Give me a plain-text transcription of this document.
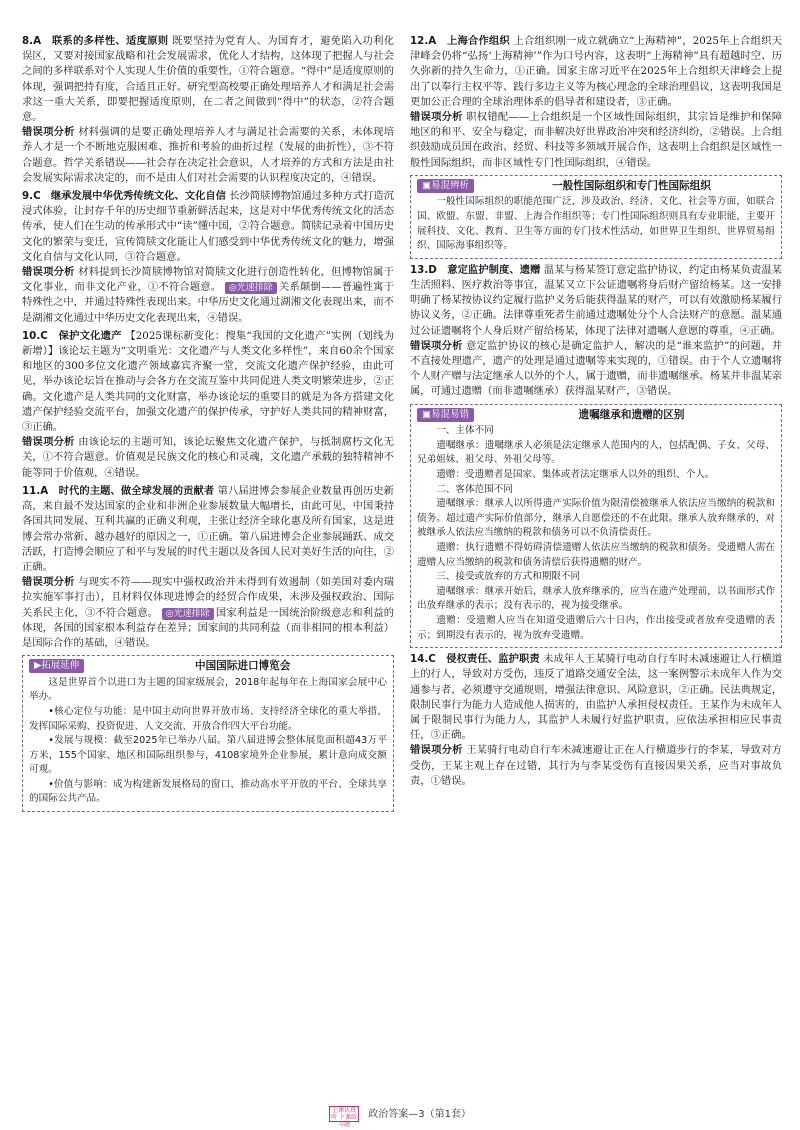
8.A　联系的多样性、适度原则 既要坚持为党育人、为国育才，避免陷入功利化误区，又要对接国家战略和社会发展需求，优化人才结构，这体现了把握人与社会之间的多样联系对个人实现人生价值的重要性，①符合题意。“得中”是适度原则的体现，强调把持有度，合适且正好。研究型高校要正确处理培养人才和满足社会需求这一重大关系，即要把握适度原则，在二者之间做到“得中”的状态，②符合题意。
错误项分析 材料强调的是要正确处理培养人才与满足社会需要的关系，未体现培养人才是一个不断地克服困难、推折和考验的曲折过程（发展的曲折性），③不符合题意。哲学关系错误——社会存在决定社会意识，人才培养的方式和方法是由社会发展实际需求决定的，而不是由人们对社会需要的认识程度决定的，④错误。
9.C　继承发展中华优秀传统文化、文化自信 长沙简牍博物馆通过多种方式打造沉浸式体验，让封存千年的历史细节重新鲜活起来，这是对中华优秀传统文化的活态传承，使人们在生动的传承形式中“读”懂中国，②符合题意。简牍记录着中国历史文化的繁荣与变迁，宣传简牍文化能让人们感受到中华优秀传统文化的魅力，增强文化自信与文化认同，③符合题意。
错误项分析 材料提到长沙简牍博物馆对简牍文化进行创造性转化，但博物馆属于文化事业，而非文化产业，①不符合题意。 ◎光速排除 关系颠倒——普遍性寓于特殊性之中，并通过特殊性表现出来。中华历史文化通过湖湘文化表现出来，而不是湖湘文化通过中华历史文化表现出来，④错误。
10.C　保护文化遗产 【2025课标新变化：搜集“我国的文化遗产”实例（划线为新增）】该论坛主题为“文明重光：文化遗产与人类文化多样性”，来自60余个国家和地区的300多位文化遗产领域嘉宾齐聚一堂，交流文化遗产保护经验，由此可见，举办该论坛旨在推动与会各方在交流互鉴中共同促进人类文明繁荣进步，②正确。文化遗产是人类共同的文化财富，举办该论坛的重要目的就是为各方搭建文化遗产保护经验交流平台，加强文化遗产的保护传承，守护好人类共同的精神财富，③正确。
错误项分析 由该论坛的主题可知，该论坛聚焦文化遗产保护，与抵制腐朽文化无关，①不符合题意。价值观是民族文化的核心和灵魂，文化遗产承载的独特精神不能等同于价值观，④错误。
11.A　时代的主题、做全球发展的贡献者 第八届进博会参展企业数量再创历史新高，来自最不发达国家的企业和非洲企业参展数量大幅增长，由此可见，中国秉持各国共同发展、互利共赢的正确义利观，主张让经济全球化惠及所有国家，这是进博会常办常新、越办越好的原因之一，①正确。第八届进博会企业参展踊跃、成交活跃，打造博会顺应了和平与发展的时代主题以及各国人民对美好生活的向往，②正确。
错误项分析 与现实不符——现实中强权政治并未得到有效遏制（如美国对委内瑞拉实施军事打击），且材料仅体现进博会的经贸合作成果，未涉及强权政治、国际关系民主化，③不符合题意。 ◎光速排除 国家利益是一国统治阶级意志和利益的体现，各国的国家根本利益存在差异；国家间的共同利益（而非相同的根本利益）是国际合作的基础，④错误。
▶拓展延伸	中国国际进口博览会

这是世界首个以进口为主题的国家级展会，2018年起每年在上海国家会展中心举办。

•核心定位与功能：是中国主动向世界开放市场、支持经济全球化的重大举措，发挥国际采购、投资促进、人文交流、开放合作四大平台功能。

•发展与规模：截至2025年已举办八届。第八届进博会整体展览面积超43万平方米，155个国家、地区和国际组织参与，4108家境外企业参展，累计意向成交额可观。

•价值与影响：成为构建新发展格局的窗口、推动高水平开放的平台、全球共享的国际公共产品。

12.A　上海合作组织 上合组织刚一成立就确立“上海精神”，2025年上合组织天津峰会仍将“弘扬‘上海精神’”作为口号内容，这表明“上海精神”具有超越时空、历久弥新的持久生命力，①正确。国家主席习近平在2025年上合组织天津峰会上提出了以奉行主权平等、践行多边主义等为核心理念的全球治理倡议，这表明我国是更加公正合理的全球治理体系的倡导者和建设者，③正确。
错误项分析 职权错配——上合组织是一个区域性国际组织，其宗旨是维护和保障地区的和平、安全与稳定，而非解决好世界政治冲突和经济纠纷，②错误。上合组织鼓励成员国在政治、经贸、科技等多领域开展合作，这表明上合组织是区域性一般性国际组织，而非区域性专门性国际组织，④错误。
▣易混辨析	一般性国际组织和专门性国际组织

一般性国际组织的职能范围广泛，涉及政治、经济、文化、社会等方面，如联合国、欧盟、东盟、非盟、上海合作组织等；专门性国际组织则具有专业职能，主要开展科技、文化、教育、卫生等方面的专门技术性活动，如世界卫生组织、世界贸易组织、国际海事组织等。

13.D　意定监护制度、遗赠 温某与杨某签订意定监护协议，约定由杨某负责温某生活照料、医疗救治等事宜，温某又立下公证遗嘱将身后财产留给杨某。这一安排明确了杨某按协议约定履行监护义务后能获得温某的财产，可以有效激励杨某履行协议义务，②正确。法律尊重死者生前通过遗嘱处分个人合法财产的意愿。温某通过公证遗嘱将个人身后财产留给杨某，体现了法律对遗嘱人意愿的尊重，④正确。
错误项分析 意定监护协议的核心是确定监护人，解决的是“谁来监护”的问题，并不直接处理遗产，遗产的处理是通过遗嘱等来实现的，①错误。由于个人立遗嘱将个人财产赠与法定继承人以外的个人，属于遗赠，而非遗嘱继承。杨某并非温某亲属，可通过遗赠（而非遗嘱继承）获得温某财产，③错误。
▣易混易错	遗嘱继承和遗赠的区别

一、主体不同

遗嘱继承：遗嘱继承人必须是法定继承人范围内的人，包括配偶、子女、父母、兄弟姐妹、祖父母、外祖父母等。

遗赠：受遗赠者是国家、集体或者法定继承人以外的组织、个人。

二、客体范围不同

遗嘱继承：继承人以所得遗产实际价值为限清偿被继承人依法应当缴纳的税款和债务。超过遗产实际价值部分，继承人自愿偿还的不在此限。继承人放弃继承的，对被继承人依法应当缴纳的税款和债务可以不负清偿责任。

遗赠：执行遗赠不得妨碍清偿遗赠人依法应当缴纳的税款和债务。受遗赠人需在遗赠人应当缴纳的税款和债务清偿后获得遗赠的财产。

三、接受或放弃的方式和期限不同

遗嘱继承：继承开始后，继承人放弃继承的，应当在遗产处理前，以书面形式作出放弃继承的表示；没有表示的，视为接受继承。

遗赠：受遗赠人应当在知道受遗赠后六十日内，作出接受或者放弃受遗赠的表示；到期没有表示的，视为放弃受遗赠。

14.C　侵权责任、监护职责 未成年人王某骑行电动自行车时未减速避让人行横道上的行人，导致对方受伤，违反了道路交通安全法，这一案例警示未成年人作为交通参与者，必须遵守交通规则，增强法律意识、风险意识，②正确。民法典规定，限制民事行为能力人造成他人损害的，由监护人承担侵权责任。王某作为未成年人属于限制民事行为能力人，其监护人未履行好监护职责，应依法承担相应民事责任，③正确。
错误项分析 王某骑行电动自行车未减速避让正在人行横道步行的李某，导致对方受伤，王某主观上存在过错，其行为与李某受伤有直接因果关系，应当对事故负责，①错误。
上课认真听 下课练习题 政治答案—3（第1套）
